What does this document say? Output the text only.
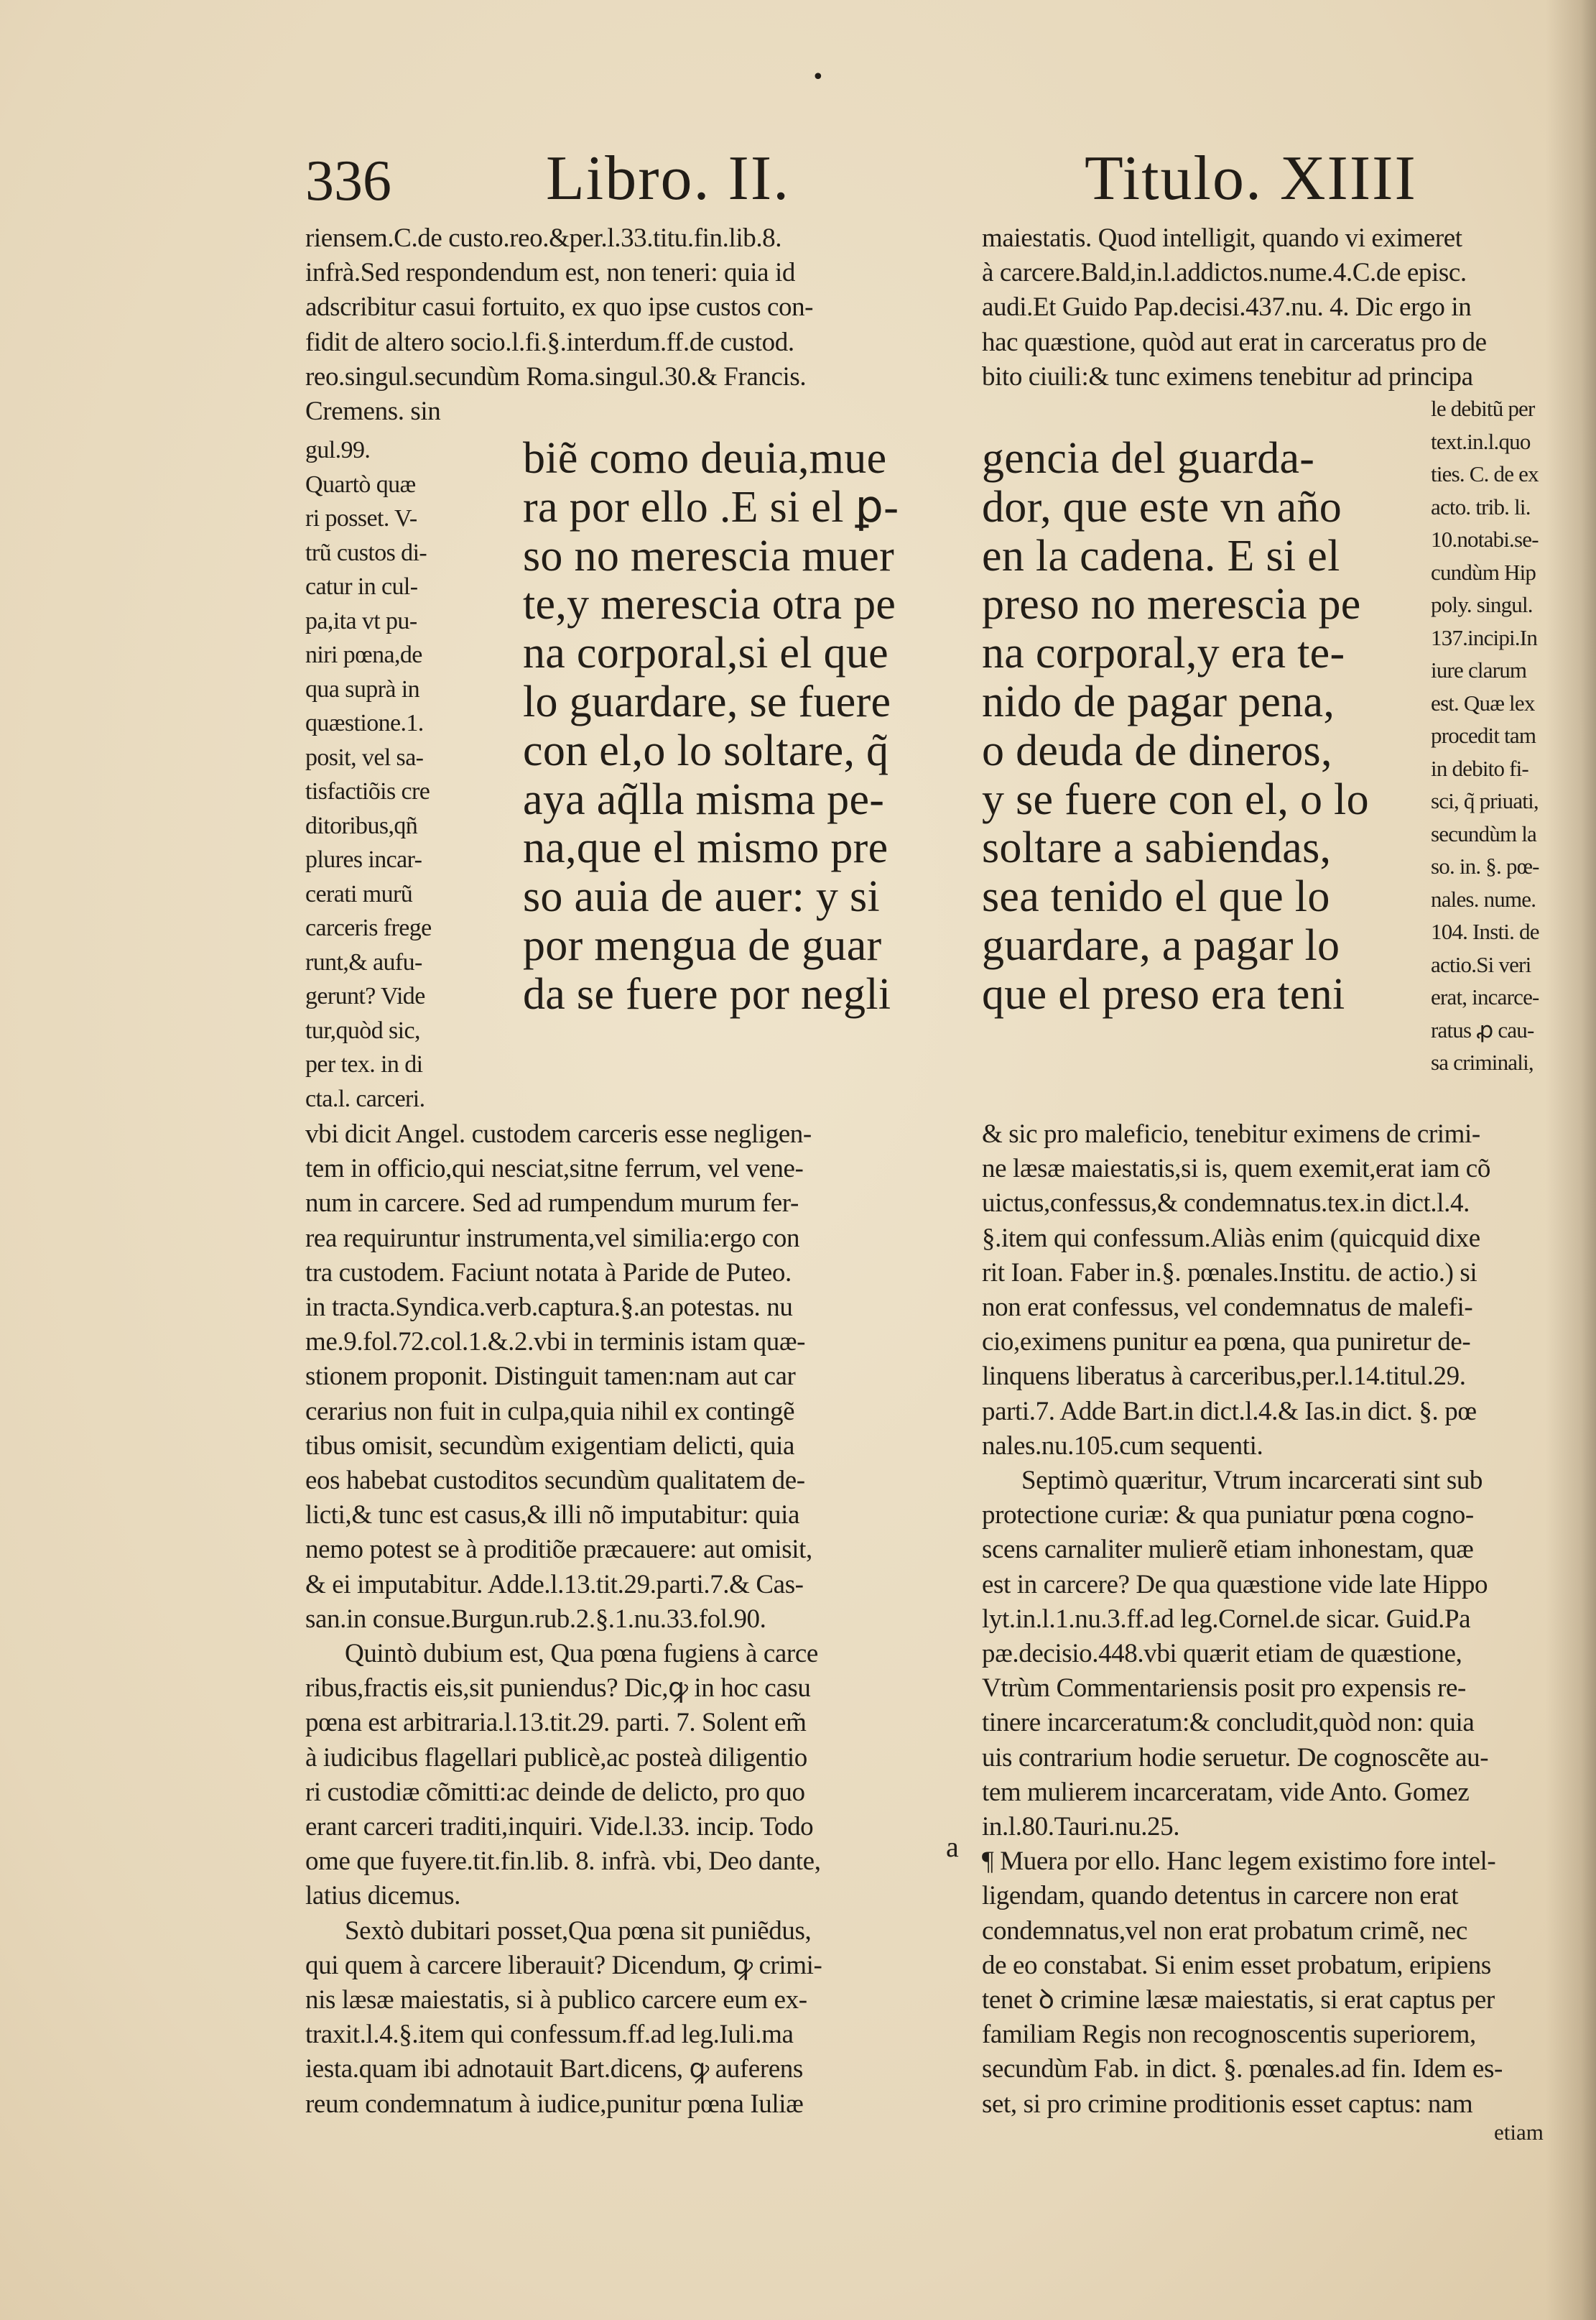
•
336 Libro. II.	Titulo. XIIII
riensem.C.de custo.reo.&per.l.33.titu.fin.lib.8.
infrà.Sed respondendum est, non teneri: quia id
adscribitur casui fortuito, ex quo ipse custos con-
fidit de altero socio.l.fi.§.interdum.ff.de custod.
reo.singul.secundùm Roma.singul.30.& Francis.
Cremens. sin
gul.99.
Quartò quæ
ri posset. V-
trũ custos di-
catur in cul-
pa,ita vt pu-
niri pœna,de
qua suprà in
quæstione.1.
posit, vel sa-
tisfactiõis cre
ditoribus,qñ
plures incar-
cerati murũ
carceris frege
runt,& aufu-
gerunt? Vide
tur,quòd sic,
per tex. in di
cta.l. carceri.
biẽ como deuia,mue
ra por ello .E si el ꝑ-
so no merescia muer
te,y merescia otra pe
na corporal,si el que
lo guardare, se fuere
con el,o lo soltare, q̃
aya aq̃lla misma pe-
na,que el mismo pre
so auia de auer: y si
por mengua de guar
da se fuere por negli
gencia del guarda-
dor, que este vn año
en la cadena. E si el
preso no merescia pe
na corporal,y era te-
nido de pagar pena,
o deuda de dineros,
y se fuere con el, o lo
soltare a sabiendas,
sea tenido el que lo
guardare, a pagar lo
que el preso era teni
maiestatis. Quod intelligit, quando vi eximeret
à carcere.Bald,in.l.addictos.nume.4.C.de episc.
audi.Et Guido Pap.decisi.437.nu. 4. Dic ergo in
hac quæstione, quòd aut erat in carceratus pro de
bito ciuili:& tunc eximens tenebitur ad principa
le debitũ per
text.in.l.quo
ties. C. de ex
acto. trib. li.
10.notabi.se-
cundùm Hip
poly. singul.
137.incipi.In
iure clarum
est. Quæ lex
procedit tam
in debito fi-
sci, q̃ priuati,
secundùm la
so. in. §. pœ-
nales. nume.
104. Insti. de
actio.Si veri
erat, incarce-
ratus ꝓ cau-
sa criminali,
vbi dicit Angel. custodem carceris esse negligen-
tem in officio,qui nesciat,sitne ferrum, vel vene-
num in carcere. Sed ad rumpendum murum fer-
rea requiruntur instrumenta,vel similia:ergo con
tra custodem. Faciunt notata à Paride de Puteo.
in tracta.Syndica.verb.captura.§.an potestas. nu
me.9.fol.72.col.1.&.2.vbi in terminis istam quæ-
stionem proponit. Distinguit tamen:nam aut car
cerarius non fuit in culpa,quia nihil ex contingẽ
tibus omisit, secundùm exigentiam delicti, quia
eos habebat custoditos secundùm qualitatem de-
licti,& tunc est casus,& illi nõ imputabitur: quia
nemo potest se à proditiõe præcauere: aut omisit,
& ei imputabitur. Adde.l.13.tit.29.parti.7.& Cas-
san.in consue.Burgun.rub.2.§.1.nu.33.fol.90.
Quintò dubium est, Qua pœna fugiens à carce
ribus,fractis eis,sit puniendus? Dic,ꝙ in hoc casu
pœna est arbitraria.l.13.tit.29. parti. 7. Solent em̃
à iudicibus flagellari publicè,ac posteà diligentio
ri custodiæ cõmitti:ac deinde de delicto, pro quo
erant carceri traditi,inquiri. Vide.l.33. incip. Todo
ome que fuyere.tit.fin.lib. 8. infrà. vbi, Deo dante,
latius dicemus.
Sextò dubitari posset,Qua pœna sit puniẽdus,
qui quem à carcere liberauit? Dicendum, ꝙ crimi-
nis læsæ maiestatis, si à publico carcere eum ex-
traxit.l.4.§.item qui confessum.ff.ad leg.Iuli.ma
iesta.quam ibi adnotauit Bart.dicens, ꝙ auferens
reum condemnatum à iudice,punitur pœna Iuliæ
& sic pro maleficio, tenebitur eximens de crimi-
ne læsæ maiestatis,si is, quem exemit,erat iam cõ
uictus,confessus,& condemnatus.tex.in dict.l.4.
§.item qui confessum.Aliàs enim (quicquid dixe
rit Ioan. Faber in.§. pœnales.Institu. de actio.) si
non erat confessus, vel condemnatus de malefi-
cio,eximens punitur ea pœna, qua puniretur de-
linquens liberatus à carceribus,per.l.14.titul.29.
parti.7. Adde Bart.in dict.l.4.& Ias.in dict. §. pœ
nales.nu.105.cum sequenti.
Septimò quæritur, Vtrum incarcerati sint sub
protectione curiæ: & qua puniatur pœna cogno-
scens carnaliter mulierẽ etiam inhonestam, quæ
est in carcere? De qua quæstione vide late Hippo
lyt.in.l.1.nu.3.ff.ad leg.Cornel.de sicar. Guid.Pa
pæ.decisio.448.vbi quærit etiam de quæstione,
Vtrùm Commentariensis posit pro expensis re-
tinere incarceratum:& concludit,quòd non: quia
uis contrarium hodie seruetur. De cognoscẽte au-
tem mulierem incarceratam, vide Anto. Gomez
in.l.80.Tauri.nu.25.
¶ Muera por ello. Hanc legem existimo fore intel-
ligendam, quando detentus in carcere non erat
condemnatus,vel non erat probatum crimẽ, nec
de eo constabat. Si enim esset probatum, eripiens
tenet ꝺ crimine læsæ maiestatis, si erat captus per
familiam Regis non recognoscentis superiorem,
secundùm Fab. in dict. §. pœnales.ad fin. Idem es-
set, si pro crimine proditionis esset captus: nam
a
etiam
